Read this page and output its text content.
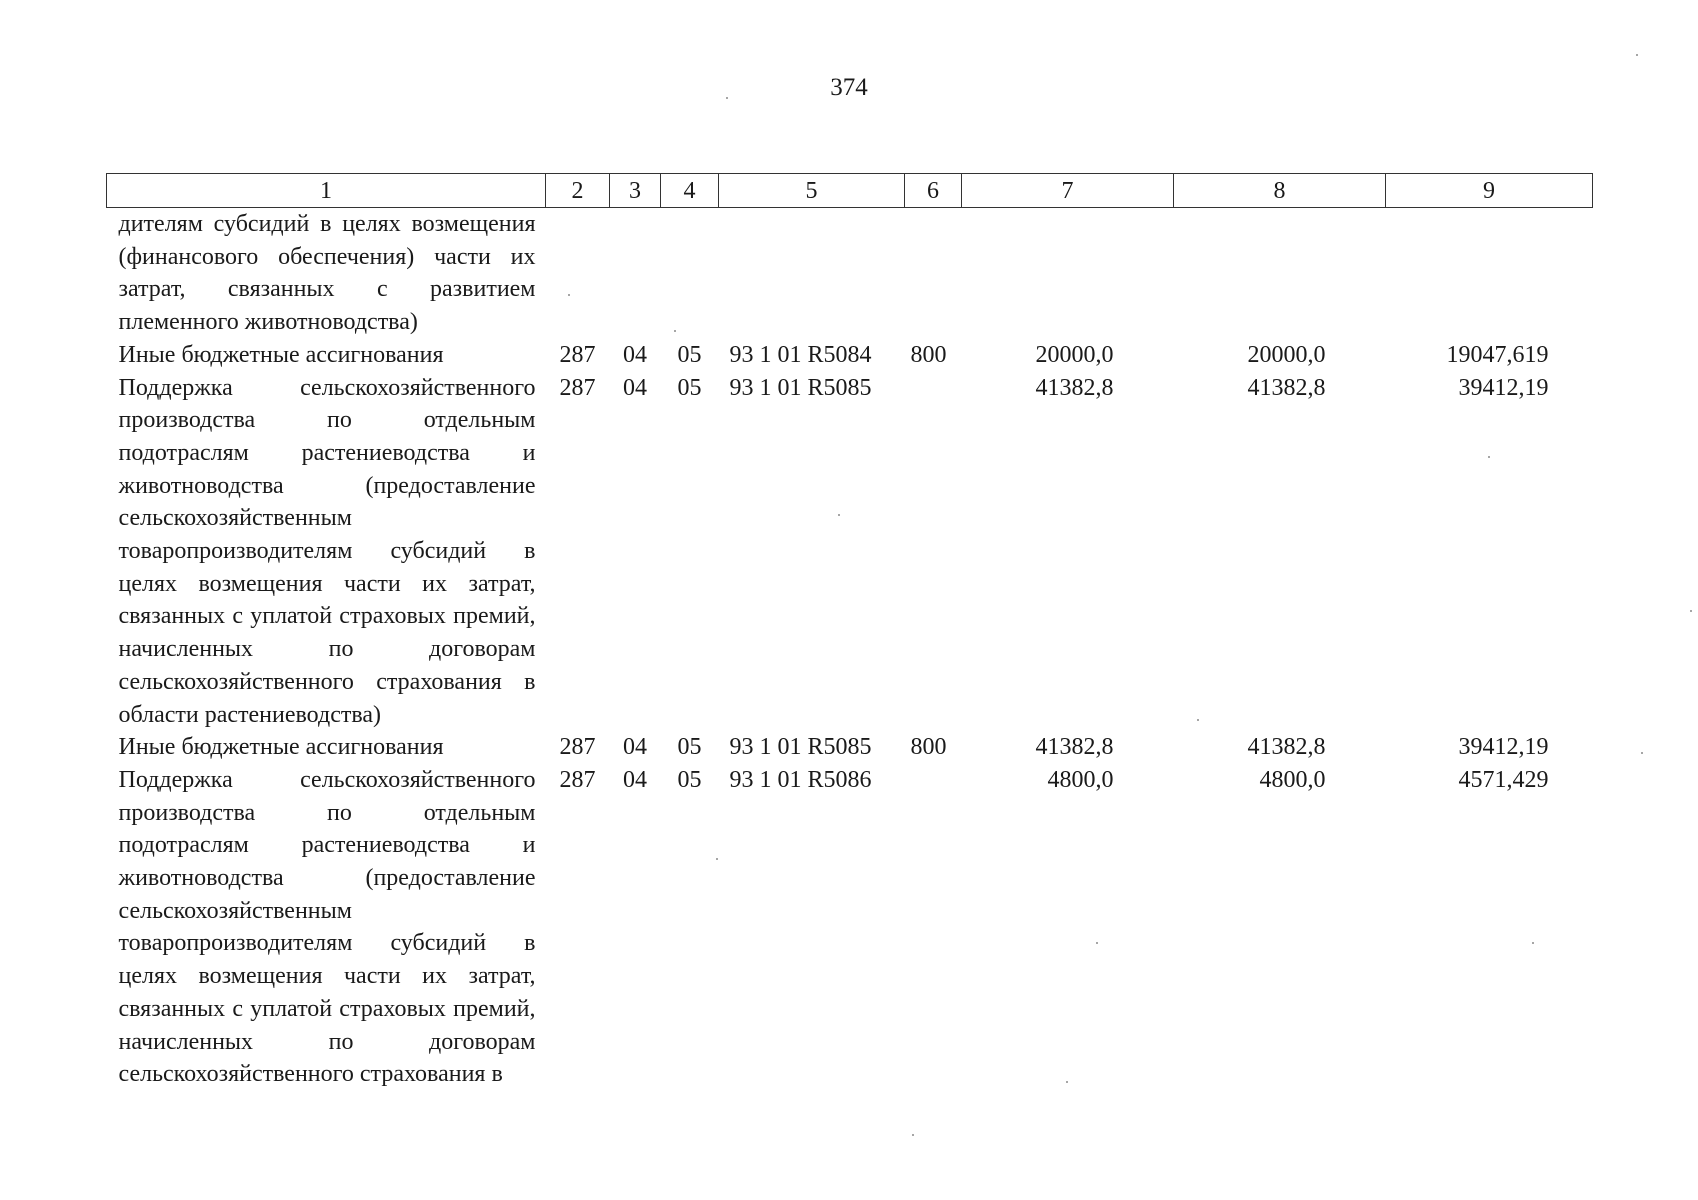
374
1	2	3	4	5	6	7	8	9
дителям субсидий в целях возмещения (финансового обеспечения) части их затрат, связанных с развитием племенного животноводства)								
Иные бюджетные ассигнования	287	04	05	93 1 01 R5084	800	20000,0	20000,0	19047,619
Поддержка сельскохозяйственного производства по отдельным подотраслям растениеводства и животноводства (предоставление сельскохозяйственным товаропроизводителям субсидий в целях возмещения части их затрат, связанных с уплатой страховых премий, начисленных по договорам сельскохозяйственного страхования в области растениеводства)	287	04	05	93 1 01 R5085		41382,8	41382,8	39412,19
Иные бюджетные ассигнования	287	04	05	93 1 01 R5085	800	41382,8	41382,8	39412,19
Поддержка сельскохозяйственного производства по отдельным подотраслям растениеводства и животноводства (предоставление сельскохозяйственным товаропроизводителям субсидий в целях возмещения части их затрат, связанных с уплатой страховых премий, начисленных по договорам сельскохозяйственного страхования в	287	04	05	93 1 01 R5086		4800,0	4800,0	4571,429
